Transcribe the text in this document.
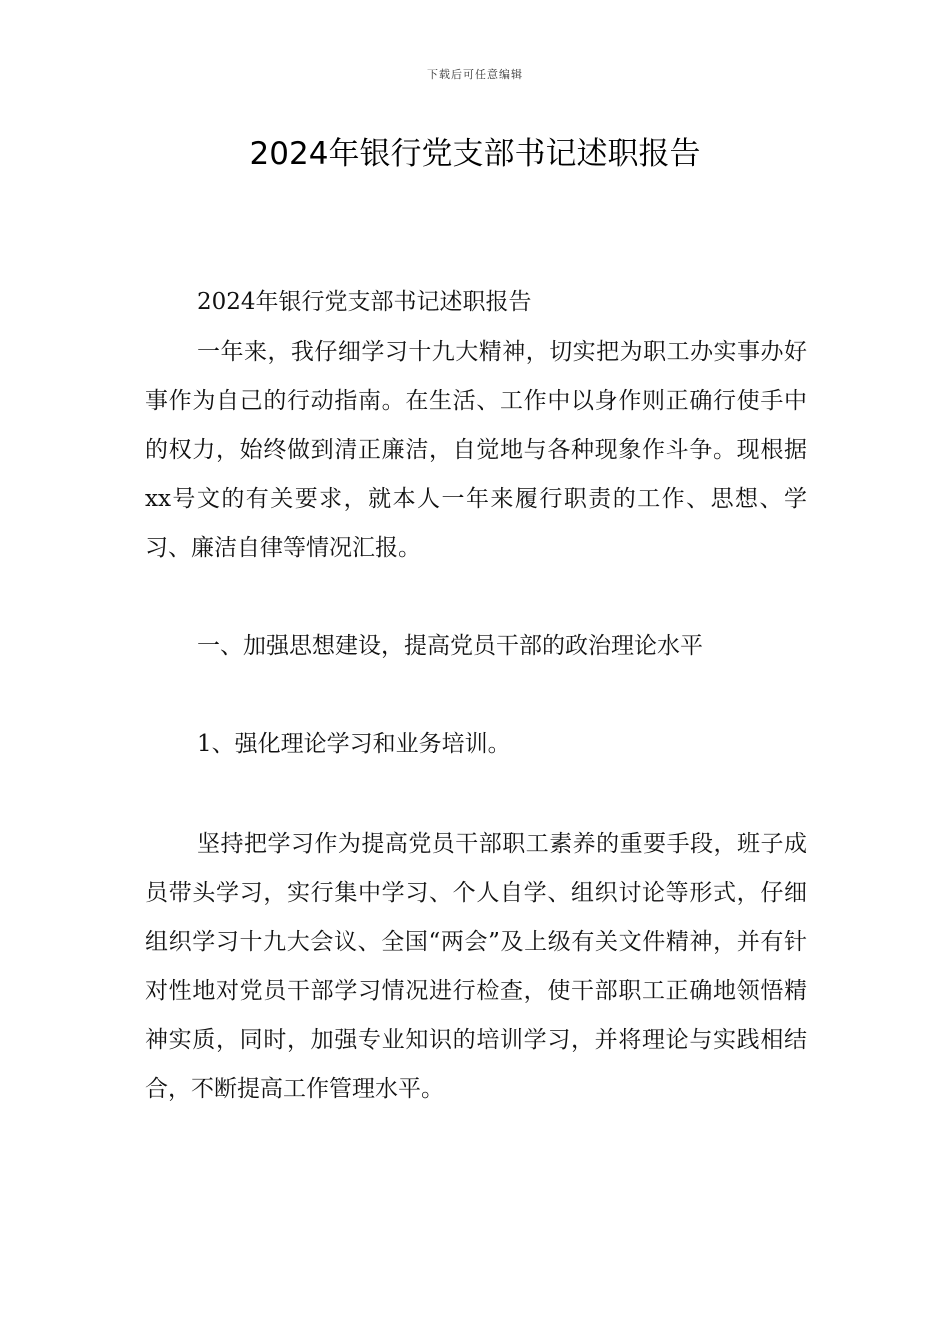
下载后可任意编辑
2024年银行党支部书记述职报告

2024年银行党支部书记述职报告

一年来，我仔细学习十九大精神，切实把为职工办实事办好事作为自己的行动指南。在生活、工作中以身作则正确行使手中的权力，始终做到清正廉洁，自觉地与各种现象作斗争。现根据xx号文的有关要求，就本人一年来履行职责的工作、思想、学习、廉洁自律等情况汇报。

一、加强思想建设，提高党员干部的政治理论水平

1、强化理论学习和业务培训。

坚持把学习作为提高党员干部职工素养的重要手段，班子成员带头学习，实行集中学习、个人自学、组织讨论等形式，仔细组织学习十九大会议、全国“两会”及上级有关文件精神，并有针对性地对党员干部学习情况进行检查，使干部职工正确地领悟精神实质，同时，加强专业知识的培训学习，并将理论与实践相结合，不断提高工作管理水平。
